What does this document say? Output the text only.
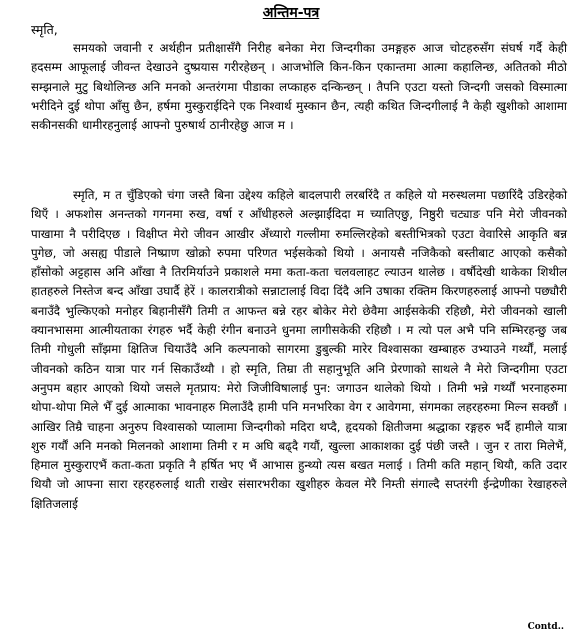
अन्तिम-पत्र
स्मृति,

समयको जवानी र अर्थहीन प्रतीक्षासँगै निरीह बनेका मेरा जिन्दगीका उमङ्गहरु आज चोटहरुसँग संघर्ष गर्दै केही हदसम्म आफूलाई जीवन्त देखाउने दुष्प्रयास गरीरहेछन् । आजभोलि किन-किन एकान्तमा आत्मा कहालिन्छ, अतितको मीठो सम्झनाले मुटु बिथोलिन्छ अनि मनको अन्तरंगमा पीडाका लप्काहरु दन्किन्छन् । तैपनि एउटा यस्तो जिन्दगी जसको विस्मात्मा भरीदिने दुई थोपा आँसु छैन, हर्षमा मुस्कुराईदिने एक निश्वार्थ मुस्कान छैन, त्यही कथित जिन्दगीलाई नै केही खुशीको आशामा सकीनसकी धामीरहनुलाई आफ्नो पुरुषार्थ ठानीरहेछु आज म ।

स्मृति, म त चुँडिएको चंगा जस्तै बिना उद्देश्य कहिले बादलपारी लरबरिंदै त कहिले यो मरुस्थलमा पछारिंदै उडिरहेको थिएँ । अफशोस अनन्तको गगनमा रुख, वर्षा र आँधीहरुले अल्झाईंदिदा म च्यातिएछु, निष्ठुरी चट्याङ पनि मेरो जीवनको पाखामा नै परीदिएछ । विक्षीप्त मेरो जीवन आखीर अँध्यारो गल्लीमा रुमल्लिरहेको बस्तीभित्रको एउटा वेवारिसे आकृति बन्न पुगेछ, जो असह्य पीडाले निष्प्राण खोक्रो रुपमा परिणत भईसकेको थियो । अनायसै नजिकैको बस्तीबाट आएको कसैको हाँसोको अट्टहास अनि आँखा नै तिरमिर्याउने प्रकाशले ममा कता-कता चलवलाहट ल्याउन थालेछ । वर्षौदेखी थाकेका शिथील हातहरुले निस्तेज बन्द आँखा उघार्दै हेरें । कालरात्रीको सन्नाटालाई विदा दिंदै अनि उषाका रक्तिम किरणहरुलाई आफ्नो पछ्यौरी बनाउँदै भुल्किएको मनोहर बिहानीसँगै तिमी त आफन्त बन्ने रहर बोकेर मेरो छेवैमा आईसकेकी रहिछौ, मेरो जीवनको खाली क्यानभासमा आत्मीयताका रंगहरु भर्दै केही रंगीन बनाउने धुनमा लागीसकेकी रहिछौ । म त्यो पल अभै पनि सम्भिरहन्छु जब तिमी गोधुली साँझमा क्षितिज चियाउँदै अनि कल्पनाको सागरमा डुबुल्की मारेर विश्वासका खम्बाहरु उभ्याउने गर्थ्यौं, मलाई जीवनको कठिन यात्रा पार गर्न सिकाउँथ्यौ । हो स्मृति, तिम्रा ती सहानुभूति अनि प्रेरणाको साथले नै मेरो जिन्दगीमा एउटा अनुपम बहार आएको थियो जसले मृतप्राय: मेरो जिजीविषालाई पुन: जगाउन थालेको थियो । तिमी भन्ने गर्थ्यौं भरनाहरुमा थोपा-थोपा मिले भैँ दुई आत्माका भावनाहरु मिलाउँदै हामी पनि मनभरिका वेग र आवेगमा, संगमका लहरहरुमा मिल्न सक्छौं । आखिर तिम्रै चाहना अनुरुप विश्वासको प्यालामा जिन्दगीको मदिरा थप्दै, हृदयको क्षितीजमा श्रद्धाका रङ्गहरु भर्दै हामीले यात्रा शुरु गर्यौं अनि मनको मिलनको आशामा तिमी र म अघि बढ्दै गयौं, खुल्ला आकाशका दुई पंछी जस्तै । जुन र तारा मिलेभैं, हिमाल मुस्कुराएभैं कता-कता प्रकृति नै हर्षित भए भैं आभास हुन्थ्यो त्यस बखत मलाई । तिमी कति महान् थियौ, कति उदार थियौ जो आफ्ना सारा रहरहरुलाई थाती राखेर संसारभरीका खुशीहरु केवल मेरै निम्ती संगाल्दै सप्तरंगी ईन्द्रेणीका रेखाहरुले क्षितिजलाई

Contd..
